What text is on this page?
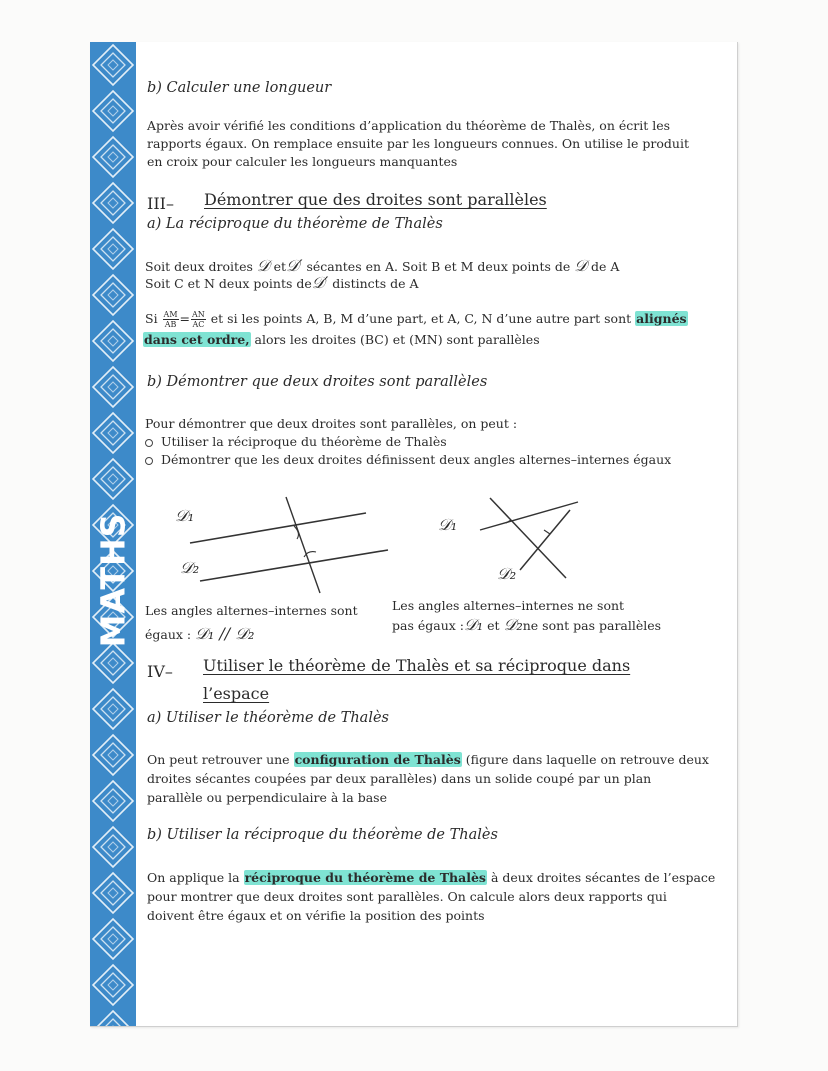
MATHS
b) Calculer une longueur
Après avoir vérifié les conditions d’application du théorème de Thalès, on écrit les
rapports égaux. On remplace ensuite par les longueurs connues. On utilise le produit
en croix pour calculer les longueurs manquantes
III– Démontrer que des droites sont parallèles
a) La réciproque du théorème de Thalès
Soit deux droites 𝒟 et𝒟′ sécantes en A. Soit B et M deux points de 𝒟 de A
Soit C et N deux points de𝒟′ distincts de A
Si $\frac{AM}{AB} = \frac{AN}{AC}$ et si les points A, B, M d’une part, et A, C, N d’une autre part sont alignés
dans cet ordre, alors les droites (BC) et (MN) sont parallèles
b) Démontrer que deux droites sont parallèles
Pour démontrer que deux droites sont parallèles, on peut :
Utiliser la réciproque du théorème de Thalès
Démontrer que les deux droites définissent deux angles alternes–internes égaux
𝒟₁
𝒟₂
𝒟₁
𝒟₂
Les angles alternes–internes sont
égaux : 𝒟₁ // 𝒟₂
Les angles alternes–internes ne sont
pas égaux :𝒟₁ et 𝒟₂ne sont pas parallèles
IV– Utiliser le théorème de Thalès et sa réciproque dans
l’espace
a) Utiliser le théorème de Thalès
On peut retrouver une configuration de Thalès (figure dans laquelle on retrouve deux
droites sécantes coupées par deux parallèles) dans un solide coupé par un plan
parallèle ou perpendiculaire à la base
b) Utiliser la réciproque du théorème de Thalès
On applique la réciproque du théorème de Thalès à deux droites sécantes de l’espace
pour montrer que deux droites sont parallèles. On calcule alors deux rapports qui
doivent être égaux et on vérifie la position des points
